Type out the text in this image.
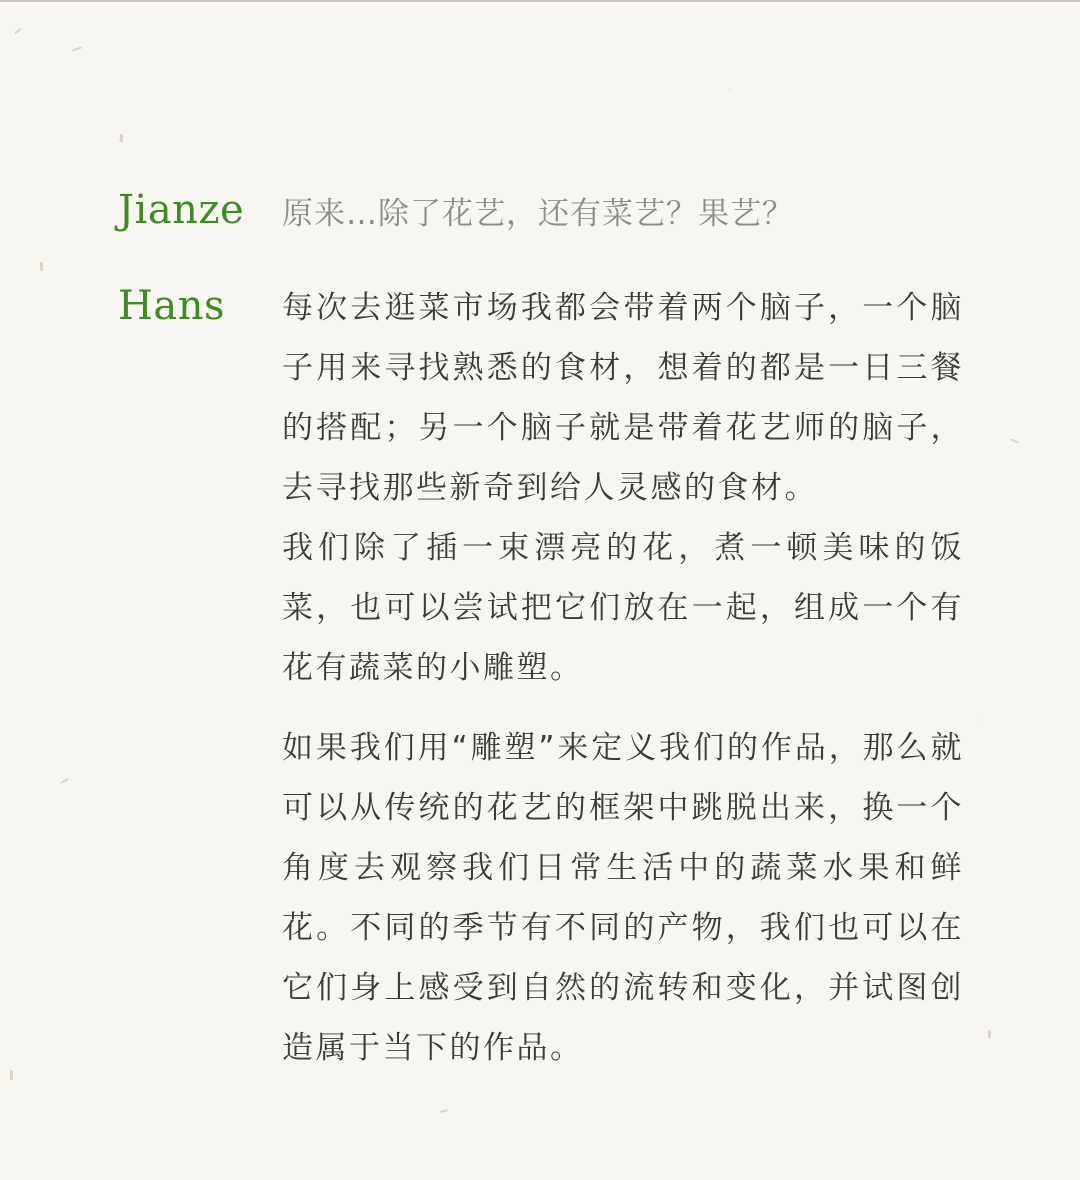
Jianze 原来…除了花艺，还有菜艺？果艺？

Hans 每次去逛菜市场我都会带着两个脑子，一个脑子用来寻找熟悉的食材，想着的都是一日三餐的搭配；另一个脑子就是带着花艺师的脑子，去寻找那些新奇到给人灵感的食材。

我们除了插一束漂亮的花，煮一顿美味的饭菜，也可以尝试把它们放在一起，组成一个有花有蔬菜的小雕塑。

如果我们用“雕塑”来定义我们的作品，那么就可以从传统的花艺的框架中跳脱出来，换一个角度去观察我们日常生活中的蔬菜水果和鲜花。不同的季节有不同的产物，我们也可以在它们身上感受到自然的流转和变化，并试图创造属于当下的作品。
